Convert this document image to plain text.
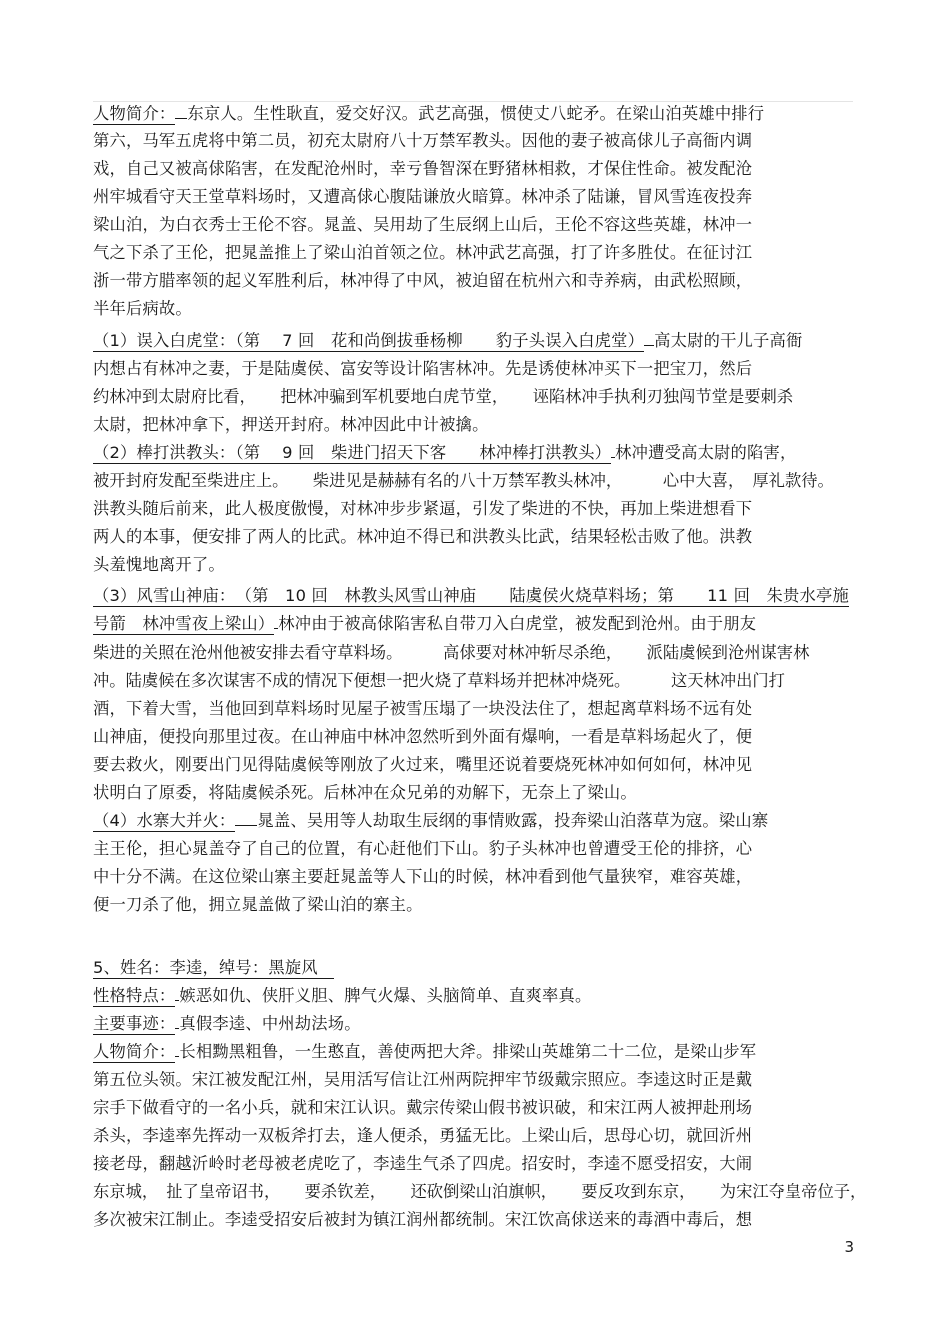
人物简介： 东京人。生性耿直，爱交好汉。武艺高强，惯使丈八蛇矛。在梁山泊英雄中排行

第六，马军五虎将中第二员，初充太尉府八十万禁军教头。因他的妻子被高俅儿子高衙内调

戏，自己又被高俅陷害，在发配沧州时，幸亏鲁智深在野猪林相救，才保住性命。被发配沧

州牢城看守天王堂草料场时，又遭高俅心腹陆谦放火暗算。林冲杀了陆谦，冒风雪连夜投奔

梁山泊，为白衣秀士王伦不容。晁盖、吴用劫了生辰纲上山后，王伦不容这些英雄，林冲一

气之下杀了王伦，把晁盖推上了梁山泊首领之位。林冲武艺高强，打了许多胜仗。在征讨江

浙一带方腊率领的起义军胜利后，林冲得了中风，被迫留在杭州六和寺养病，由武松照顾，

半年后病故。

（1）误入白虎堂：（第　 7 回　花和尚倒拔垂杨柳　　豹子头误入白虎堂） 高太尉的干儿子高衙

内想占有林冲之妻，于是陆虞侯、富安等设计陷害林冲。先是诱使林冲买下一把宝刀，然后

约林冲到太尉府比看，　　把林冲骗到军机要地白虎节堂，　　诬陷林冲手执利刃独闯节堂是要刺杀

太尉，把林冲拿下，押送开封府。林冲因此中计被擒。

（2）棒打洪教头：（第　 9 回　柴进门招天下客　　林冲棒打洪教头） 林冲遭受高太尉的陷害，

被开封府发配至柴进庄上。　　柴进见是赫赫有名的八十万禁军教头林冲，　　　心中大喜，　厚礼款待。

洪教头随后前来，此人极度傲慢，对林冲步步紧逼，引发了柴进的不快，再加上柴进想看下

两人的本事，便安排了两人的比武。林冲迫不得已和洪教头比武，结果轻松击败了他。洪教

头羞愧地离开了。

（3）风雪山神庙：　（第　10 回　林教头风雪山神庙　　陆虞侯火烧草料场；第　　11 回　朱贵水亭施

号箭　林冲雪夜上梁山） 林冲由于被高俅陷害私自带刀入白虎堂，被发配到沧州。由于朋友

柴进的关照在沧州他被安排去看守草料场。　　　高俅要对林冲斩尽杀绝，　　派陆虞候到沧州谋害林

冲。陆虞候在多次谋害不成的情况下便想一把火烧了草料场并把林冲烧死。　　　这天林冲出门打

酒，下着大雪，当他回到草料场时见屋子被雪压塌了一块没法住了，想起离草料场不远有处

山神庙，便投向那里过夜。在山神庙中林冲忽然听到外面有爆响，一看是草料场起火了，便

要去救火，刚要出门见得陆虞候等刚放了火过来，嘴里还说着要烧死林冲如何如何，林冲见

状明白了原委，将陆虞候杀死。后林冲在众兄弟的劝解下，无奈上了梁山。

（4）水寨大并火： 晁盖、吴用等人劫取生辰纲的事情败露，投奔梁山泊落草为寇。梁山寨

主王伦，担心晁盖夺了自己的位置，有心赶他们下山。豹子头林冲也曾遭受王伦的排挤，心

中十分不满。在这位梁山寨主要赶晁盖等人下山的时候，林冲看到他气量狭窄，难容英雄，

便一刀杀了他，拥立晁盖做了梁山泊的寨主。

5、姓名：李逵，绰号：黑旋风　

性格特点： 嫉恶如仇、侠肝义胆、脾气火爆、头脑简单、直爽率真。

主要事迹： 真假李逵、中州劫法场。

人物简介： 长相黝黑粗鲁，一生憨直，善使两把大斧。排梁山英雄第二十二位，是梁山步军

第五位头领。宋江被发配江州，吴用活写信让江州两院押牢节级戴宗照应。李逵这时正是戴

宗手下做看守的一名小兵，就和宋江认识。戴宗传梁山假书被识破，和宋江两人被押赴刑场

杀头，李逵率先挥动一双板斧打去，逢人便杀，勇猛无比。上梁山后，思母心切，就回沂州

接老母，翻越沂岭时老母被老虎吃了，李逵生气杀了四虎。招安时，李逵不愿受招安，大闹

东京城，　扯了皇帝诏书，　　要杀钦差，　　还砍倒梁山泊旗帜，　　要反攻到东京，　　为宋江夺皇帝位子，

多次被宋江制止。李逵受招安后被封为镇江润州都统制。宋江饮高俅送来的毒酒中毒后，想

3
